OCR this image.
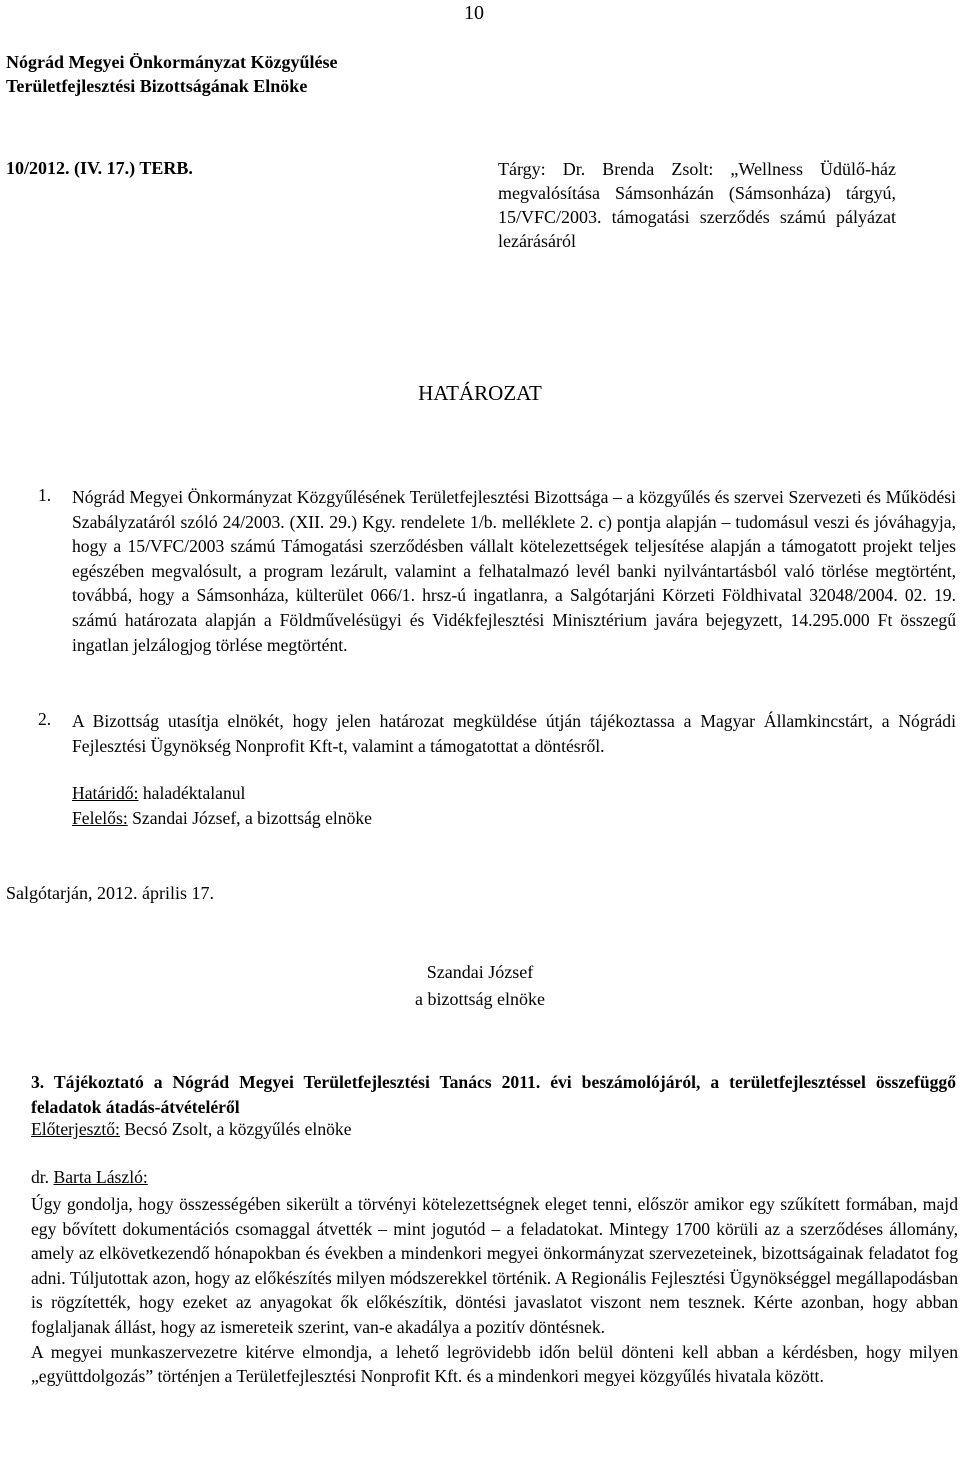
10
Nógrád Megyei Önkormányzat Közgyűlése
Területfejlesztési Bizottságának Elnöke
10/2012. (IV. 17.) TERB.	Tárgy: Dr. Brenda Zsolt: „Wellness Üdülő-ház megvalósítása Sámsonházán (Sámsonháza) tárgyú, 15/VFC/2003. támogatási szerződés számú pályázat lezárásáról
HATÁROZAT
1. Nógrád Megyei Önkormányzat Közgyűlésének Területfejlesztési Bizottsága – a közgyűlés és szervei Szervezeti és Működési Szabályzatáról szóló 24/2003. (XII. 29.) Kgy. rendelete 1/b. melléklete 2. c) pontja alapján – tudomásul veszi és jóváhagyja, hogy a 15/VFC/2003 számú Támogatási szerződésben vállalt kötelezettségek teljesítése alapján a támogatott projekt teljes egészében megvalósult, a program lezárult, valamint a felhatalmazó levél banki nyilvántartásból való törlése megtörtént, továbbá, hogy a Sámsonháza, külterület 066/1. hrsz-ú ingatlanra, a Salgótarjáni Körzeti Földhivatal 32048/2004. 02. 19. számú határozata alapján a Földművelésügyi és Vidékfejlesztési Minisztérium javára bejegyzett, 14.295.000 Ft összegű ingatlan jelzálogjog törlése megtörtént.
2. A Bizottság utasítja elnökét, hogy jelen határozat megküldése útján tájékoztassa a Magyar Államkincstárt, a Nógrádi Fejlesztési Ügynökség Nonprofit Kft-t, valamint a támogatottat a döntésről.
Határidő: haladéktalanul
Felelős: Szandai József, a bizottság elnöke
Salgótarján, 2012. április 17.
Szandai József
a bizottság elnöke
3. Tájékoztató a Nógrád Megyei Területfejlesztési Tanács 2011. évi beszámolójáról, a területfejlesztéssel összefüggő feladatok átadás-átvételéről
Előterjesztő: Becsó Zsolt, a közgyűlés elnöke
dr. Barta László:
Úgy gondolja, hogy összességében sikerült a törvényi kötelezettségnek eleget tenni, először amikor egy szűkített formában, majd egy bővített dokumentációs csomaggal átvették – mint jogutód – a feladatokat. Mintegy 1700 körüli az a szerződéses állomány, amely az elkövetkezendő hónapokban és években a mindenkori megyei önkormányzat szervezeteinek, bizottságainak feladatot fog adni. Túljutottak azon, hogy az előkészítés milyen módszerekkel történik. A Regionális Fejlesztési Ügynökséggel megállapodásban is rögzítették, hogy ezeket az anyagokat ők előkészítik, döntési javaslatot viszont nem tesznek. Kérte azonban, hogy abban foglaljanak állást, hogy az ismereteik szerint, van-e akadálya a pozitív döntésnek.
A megyei munkaszervezetre kitérve elmondja, a lehető legrövidebb időn belül dönteni kell abban a kérdésben, hogy milyen „együttdolgozás” történjen a Területfejlesztési Nonprofit Kft. és a mindenkori megyei közgyűlés hivatala között.
